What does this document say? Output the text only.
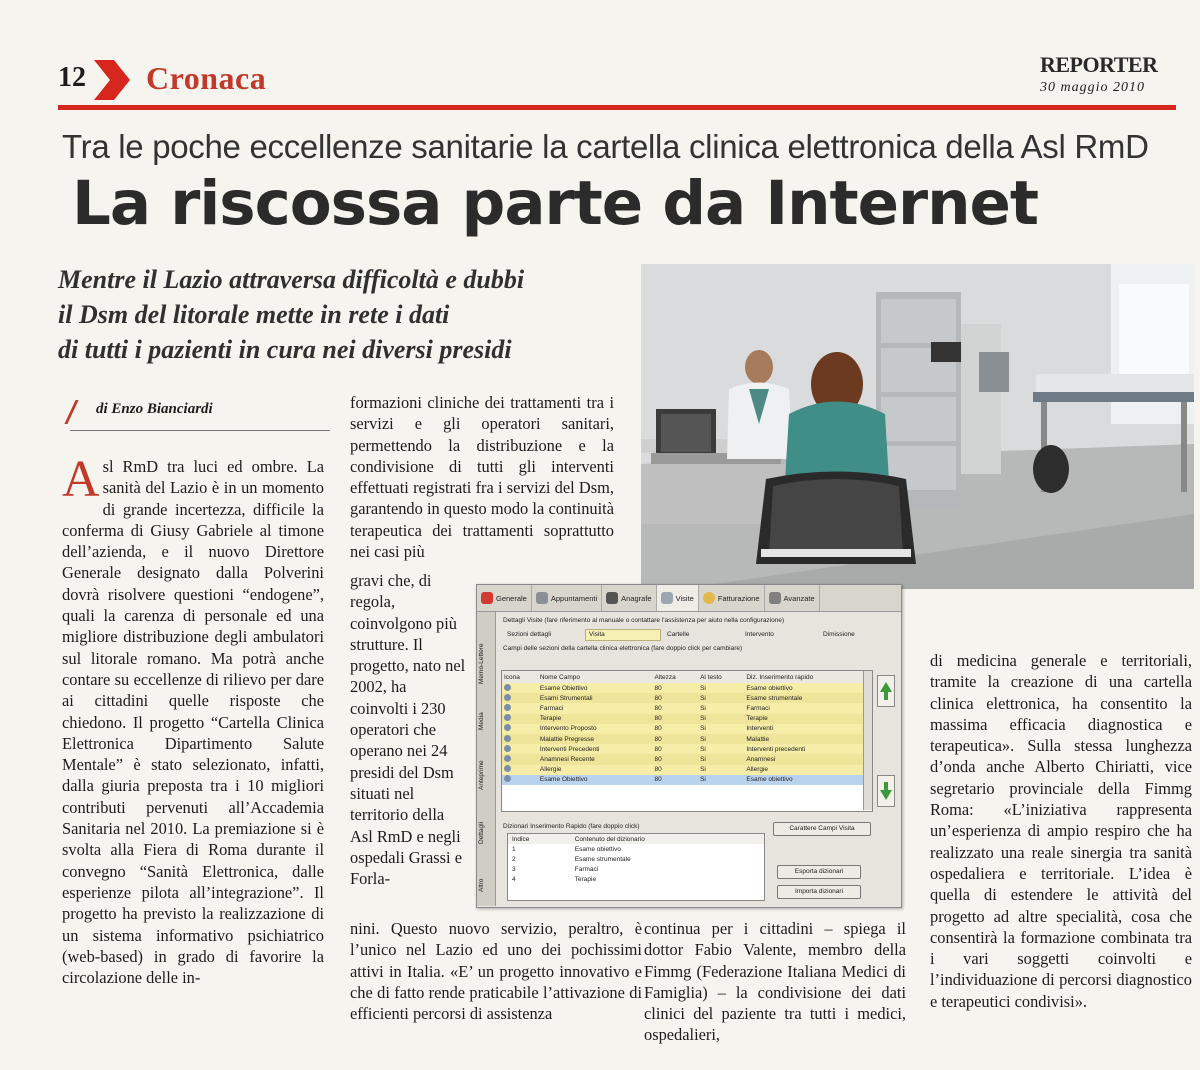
12 Cronaca	REPORTER
30 maggio 2010
Tra le poche eccellenze sanitarie la cartella clinica elettronica della Asl RmD
La riscossa parte da Internet
Mentre il Lazio attraversa difficoltà e dubbi
il Dsm del litorale mette in rete i dati
di tutti i pazienti in cura nei diversi presidi
di Enzo Bianciardi
Asl RmD tra luci ed ombre. La sanità del Lazio è in un momento di grande incertezza, difficile la conferma di Giusy Gabriele al timone dell’azienda, e il nuovo Direttore Generale designato dalla Polverini dovrà risolvere questioni “endogene”, quali la carenza di personale ed una migliore distribuzione degli ambulatori sul litorale romano. Ma potrà anche contare su eccellenze di rilievo per dare ai cittadini quelle risposte che chiedono. Il progetto “Cartella Clinica Elettronica Dipartimento Salute Mentale” è stato selezionato, infatti, dalla giuria preposta tra i 10 migliori contributi pervenuti all’Accademia Sanitaria nel 2010. La premiazione si è svolta alla Fiera di Roma durante il convegno “Sanità Elettronica, dalle esperienze pilota all’integrazione”. Il progetto ha previsto la realizzazione di un sistema informativo psichiatrico (web-based) in grado di favorire la circolazione delle in-
formazioni cliniche dei trattamenti tra i servizi e gli operatori sanitari, permettendo la distribuzione e la condivisione di tutti gli interventi effettuati registrati fra i servizi del Dsm, garantendo in questo modo la continuità terapeutica dei trattamenti soprattutto nei casi più
gravi che, di regola, coinvolgono più strutture. Il progetto, nato nel 2002, ha coinvolti i 230 operatori che operano nei 24 presidi del Dsm situati nel territorio della Asl RmD e negli ospedali Grassi e Forla-
nini. Questo nuovo servizio, peraltro, è l’unico nel Lazio ed uno dei pochissimi attivi in Italia. «E’ un progetto innovativo e che di fatto rende praticabile l’attivazione di efficienti percorsi di assistenza
continua per i cittadini – spiega il dottor Fabio Valente, membro della Fimmg (Federazione Italiana Medici di Famiglia) – la condivisione dei dati clinici del paziente tra tutti i medici, ospedalieri,
di medicina generale e territoriali, tramite la creazione di una cartella clinica elettronica, ha consentito la massima efficacia diagnostica e terapeutica». Sulla stessa lunghezza d’onda anche Alberto Chiriatti, vice segretario provinciale della Fimmg Roma: «L’iniziativa rappresenta un’esperienza di ampio respiro che ha realizzato una reale sinergia tra sanità ospedaliera e territoriale. L’idea è quella di estendere le attività del progetto ad altre specialità, cosa che consentirà la formazione combinata tra i vari soggetti coinvolti e l’individuazione di percorsi diagnostico e terapeutici condivisi».
Generale	Appuntamenti	Anagrafe	Visite	Fatturazione	Avanzate
Memo-Lettere
Media
Anteprime
Dettagli
Altro
Dettagli Visite (fare riferimento al manuale o contattare l'assistenza per aiuto nella configurazione)
Sezioni dettagli	Visita	Cartelle	Intervento	Dimissione
Campi delle sezioni della cartella clinica elettronica (fare doppio click per cambiare)
Icona	Nome Campo	Altezza	Al testo	Diz. Inserimento rapido
	Esame Obiettivo	80	Si	Esame obiettivo
	Esami Strumentali	80	Si	Esame strumentale
	Farmaci	80	Si	Farmaci
	Terapie	80	Si	Terapie
	Intervento Proposto	80	Si	Interventi
	Malattie Pregresse	80	Si	Malattie
	Interventi Precedenti	80	Si	Interventi precedenti
	Anamnesi Recente	80	Si	Anamnesi
	Allergie	80	Si	Allergie
	Esame Obiettivo	80	Si	Esame obiettivo
Dizionari Inserimento Rapido (fare doppio click)
Indice	Contenuto del dizionario
1	Esame obiettivo
2	Esame strumentale
3	Farmaci
4	Terapie
Carattere Campi Visita
Esporta dizionari
Importa dizionari
